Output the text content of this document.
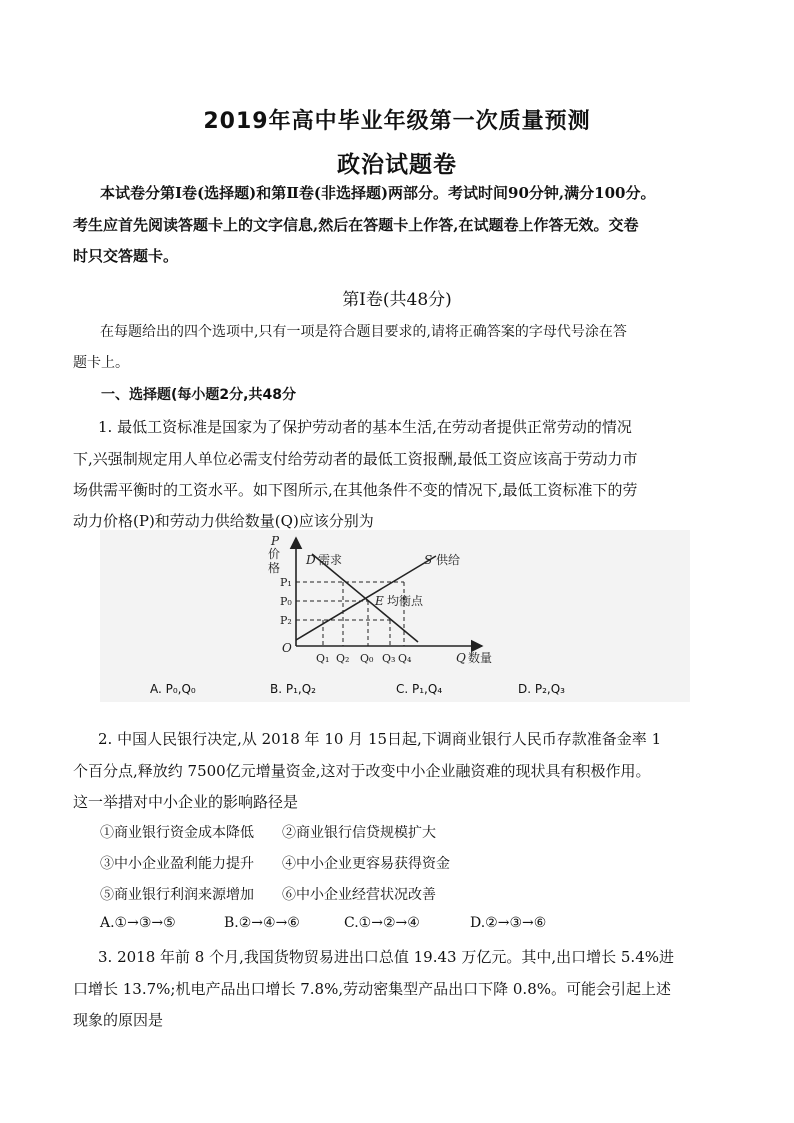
2019年高中毕业年级第一次质量预测
政治试题卷
本试卷分第Ⅰ卷(选择题)和第Ⅱ卷(非选择题)两部分。考试时间90分钟,满分100分。
考生应首先阅读答题卡上的文字信息,然后在答题卡上作答,在试题卷上作答无效。交卷
时只交答题卡。
第Ⅰ卷(共48分)
在每题给出的四个选项中,只有一项是符合题目要求的,请将正确答案的字母代号涂在答
题卡上。
一、选择题(每小题2分,共48分
1. 最低工资标准是国家为了保护劳动者的基本生活,在劳动者提供正常劳动的情况
下,兴强制规定用人单位必需支付给劳动者的最低工资报酬,最低工资应该高于劳动力市
场供需平衡时的工资水平。如下图所示,在其他条件不变的情况下,最低工资标准下的劳
动力价格(P)和劳动力供给数量(Q)应该分别为
P
价
格
P₁
P₀
P₂
O
Q₁ Q₂ Q₀ Q₃ Q₄	Q 数量
D 需求	S 供给
E 均衡点
A. P₀,Q₀	B. P₁,Q₂	C. P₁,Q₄	D. P₂,Q₃
2. 中国人民银行决定,从 2018 年 10 月 15日起,下调商业银行人民币存款准备金率 1
个百分点,释放约 7500亿元增量资金,这对于改变中小企业融资难的现状具有积极作用。
这一举措对中小企业的影响路径是
①商业银行资金成本降低 ②商业银行信贷规模扩大
③中小企业盈利能力提升 ④中小企业更容易获得资金
⑤商业银行利润来源增加 ⑥中小企业经营状况改善
A.①→③→⑤	B.②→④→⑥	C.①→②→④	D.②→③→⑥
3. 2018 年前 8 个月,我国货物贸易进出口总值 19.43 万亿元。其中,出口增长 5.4%进
口增长 13.7%;机电产品出口增长 7.8%,劳动密集型产品出口下降 0.8%。可能会引起上述
现象的原因是
